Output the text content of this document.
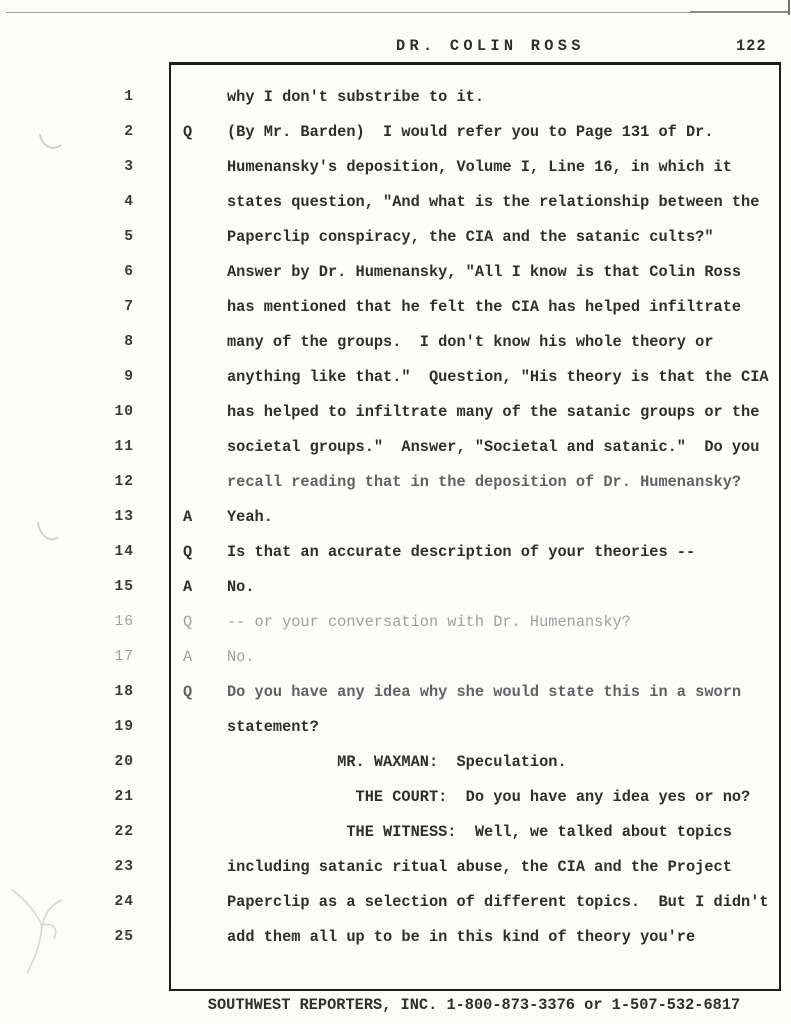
DR. COLIN ROSS	122
1	why I don't substribe to it.
2	Q (By Mr. Barden)  I would refer you to Page 131 of Dr.
3	Humenansky's deposition, Volume I, Line 16, in which it
4	states question, "And what is the relationship between the
5	Paperclip conspiracy, the CIA and the satanic cults?"
6	Answer by Dr. Humenansky, "All I know is that Colin Ross
7	has mentioned that he felt the CIA has helped infiltrate
8	many of the groups.  I don't know his whole theory or
9	anything like that."  Question, "His theory is that the CIA
10	has helped to infiltrate many of the satanic groups or the
11	societal groups."  Answer, "Societal and satanic."  Do you
12	recall reading that in the deposition of Dr. Humenansky?
13	A Yeah.
14	Q Is that an accurate description of your theories --
15	A No.
16	Q -- or your conversation with Dr. Humenansky?
17	A No.
18	Q Do you have any idea why she would state this in a sworn
19	statement?
20	MR. WAXMAN:  Speculation.
21	THE COURT:  Do you have any idea yes or no?
22	THE WITNESS:  Well, we talked about topics
23	including satanic ritual abuse, the CIA and the Project
24	Paperclip as a selection of different topics.  But I didn't
25	add them all up to be in this kind of theory you're
SOUTHWEST REPORTERS, INC. 1-800-873-3376 or 1-507-532-6817
